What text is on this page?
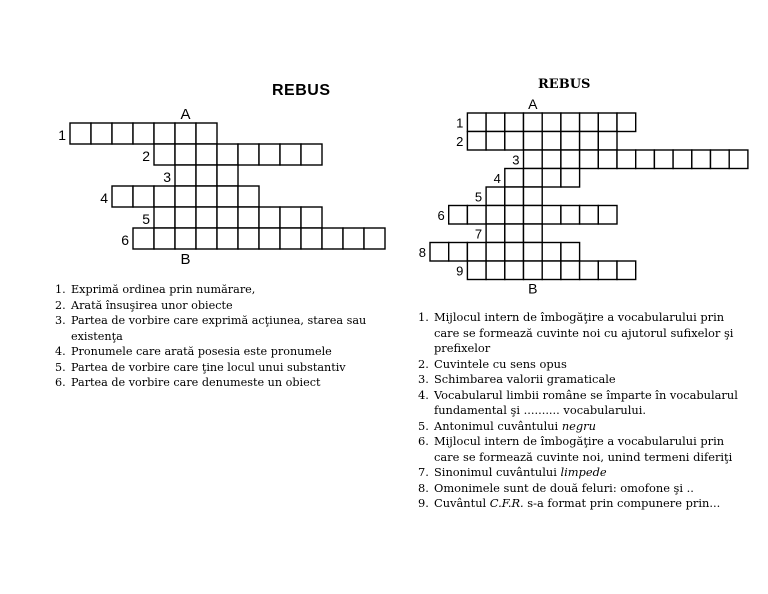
REBUS	REBUS
1
2
3
4
5
6
A
B
1
2
3
4
5
6
7
8
9
A
B
1. Exprimă ordinea prin numărare,
2. Arată însuşirea unor obiecte
3. Partea de vorbire care exprimă acţiunea, starea sau existenţa
4. Pronumele care arată posesia este pronumele
5. Partea de vorbire care ţine locul unui substantiv
6. Partea de vorbire care denumeste un obiect
1. Mijlocul intern de îmbogăţire a vocabularului prin care se formează cuvinte noi cu ajutorul sufixelor şi prefixelor
2. Cuvintele cu sens opus
3. Schimbarea valorii gramaticale
4. Vocabularul limbii române se împarte în vocabularul fundamental şi .......... vocabularului.
5. Antonimul cuvântului negru
6. Mijlocul intern de îmbogăţire a vocabularului prin care se formează cuvinte noi, unind termeni diferiţi
7. Sinonimul cuvântului limpede
8. Omonimele sunt de două feluri: omofone şi ..
9. Cuvântul C.F.R. s-a format prin compunere prin...
